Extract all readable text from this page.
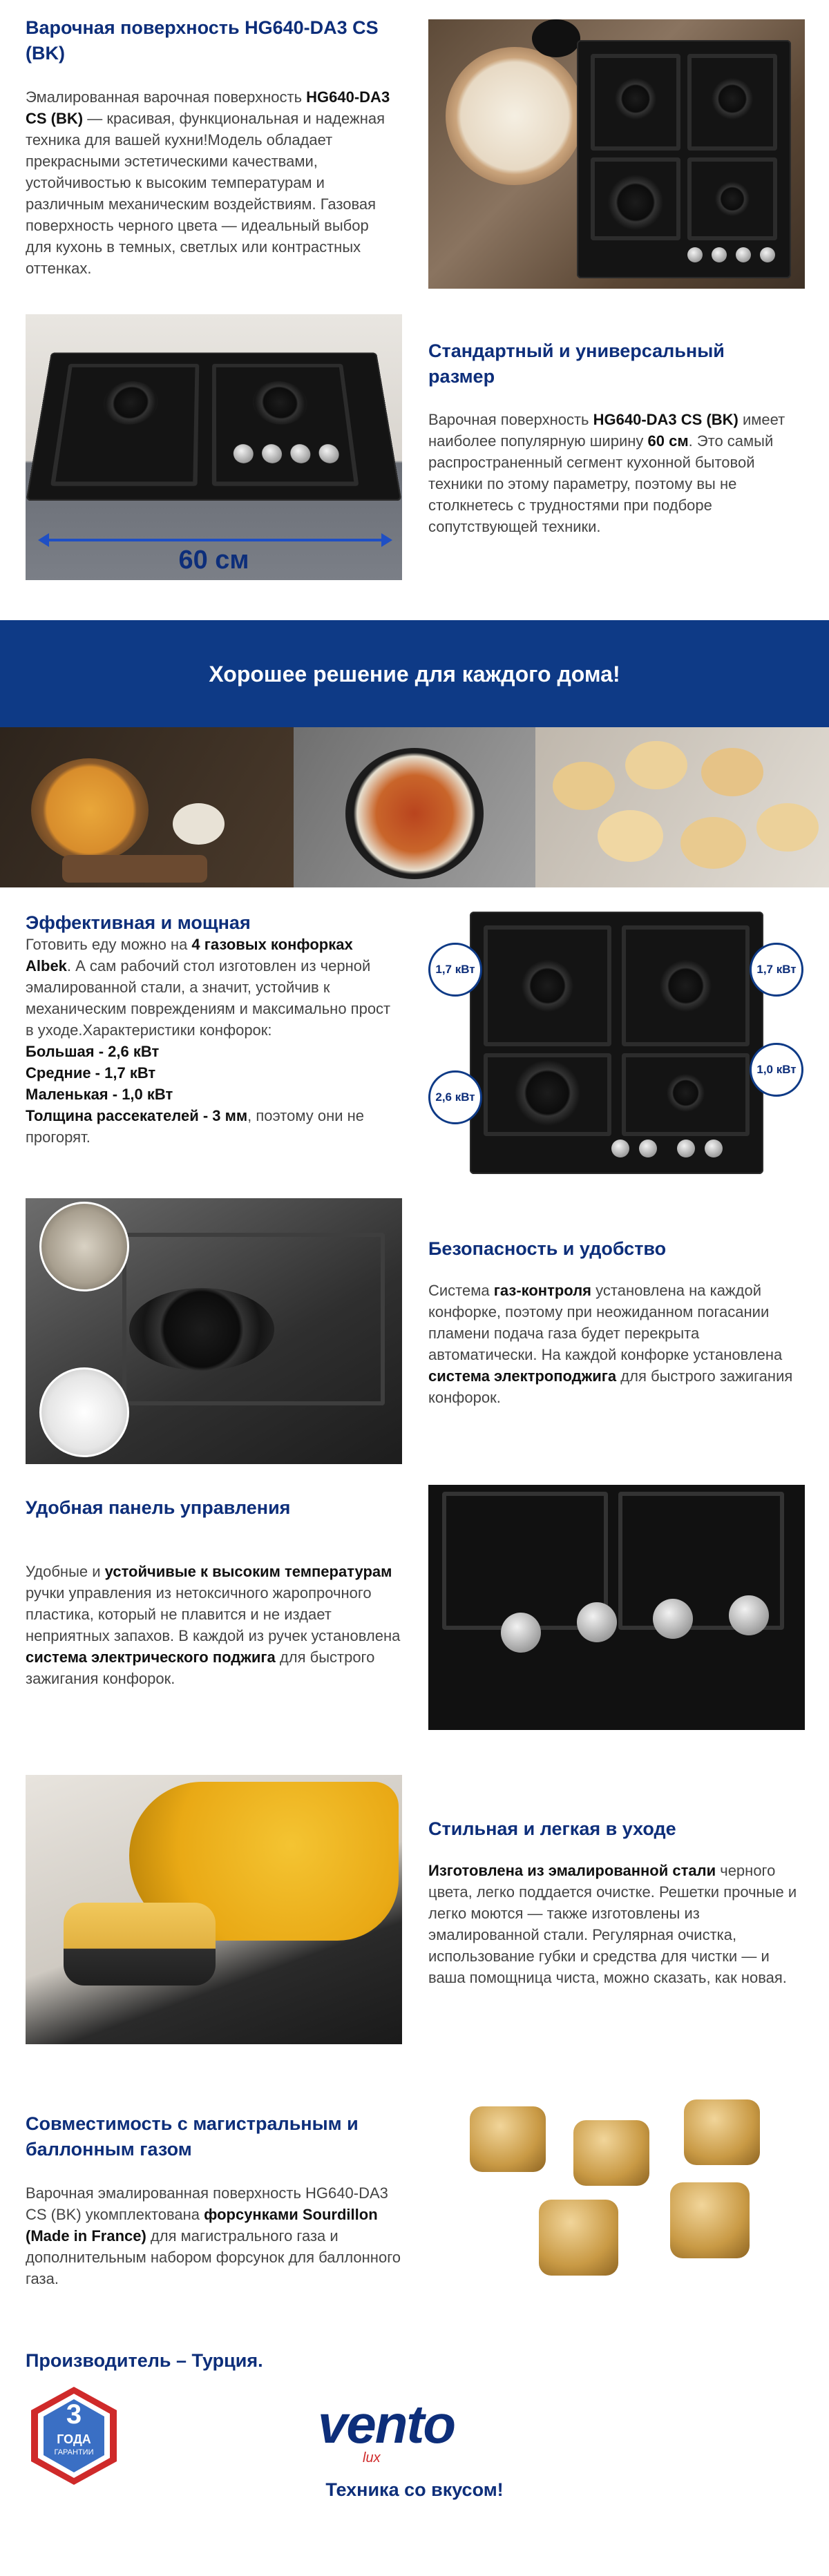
Варочная поверхность HG640-DA3 CS (BK)
Эмалированная варочная поверхность HG640-DA3 CS (BK) — красивая, функциональная и надежная техника для вашей кухни!Модель обладает прекрасными эстетическими качествами, устойчивостью к высоким температурам и различным механическим воздействиям. Газовая поверхность черного цвета — идеальный выбор для кухонь в темных, светлых или контрастных оттенках.
60 см
Стандартный и универсальный размер
Варочная поверхность HG640-DA3 CS (BK) имеет наиболее популярную ширину 60 см. Это самый распространенный сегмент кухонной бытовой техники по этому параметру, поэтому вы не столкнетесь с трудностями при подборе сопутствующей техники.
Хорошее решение для каждого дома!
Эффективная и мощная
Готовить еду можно на 4 газовых конфорках Albek. А сам рабочий стол изготовлен из черной эмалированной стали, а значит, устойчив к механическим повреждениям и максимально прост в уходе.Характеристики конфорок:
Большая - 2,6 кВт
Средние - 1,7 кВт
Маленькая - 1,0 кВт
Толщина рассекателей - 3 мм, поэтому они не прогорят.
1,7 кВт	1,7 кВт
1,0 кВт
2,6 кВт
Безопасность и удобство
Система газ-контроля установлена на каждой конфорке, поэтому при неожиданном погасании пламени подача газа будет перекрыта автоматически. На каждой конфорке установлена система электроподжига для быстрого зажигания конфорок.
Удобная панель управления
Удобные и устойчивые к высоким температурам ручки управления из нетоксичного жаропрочного пластика, который не плавится и не издает неприятных запахов. В каждой из ручек установлена система электрического поджига для быстрого зажигания конфорок.
Стильная и легкая в уходе
Изготовлена из эмалированной стали черного цвета, легко поддается очистке. Решетки прочные и легко моются — также изготовлены из эмалированной стали. Регулярная очистка, использование губки и средства для чистки — и ваша помощница чиста, можно сказать, как новая.
Совместимость с магистральным и баллонным газом
Варочная эмалированная поверхность HG640-DA3 CS (BK) укомплектована форсунками Sourdillon (Made in France) для магистрального газа и дополнительным набором форсунок для баллонного газа.
Производитель – Турция.
3
ГОДА
ГАРАНТИИ	vento
lux
Техника со вкусом!
